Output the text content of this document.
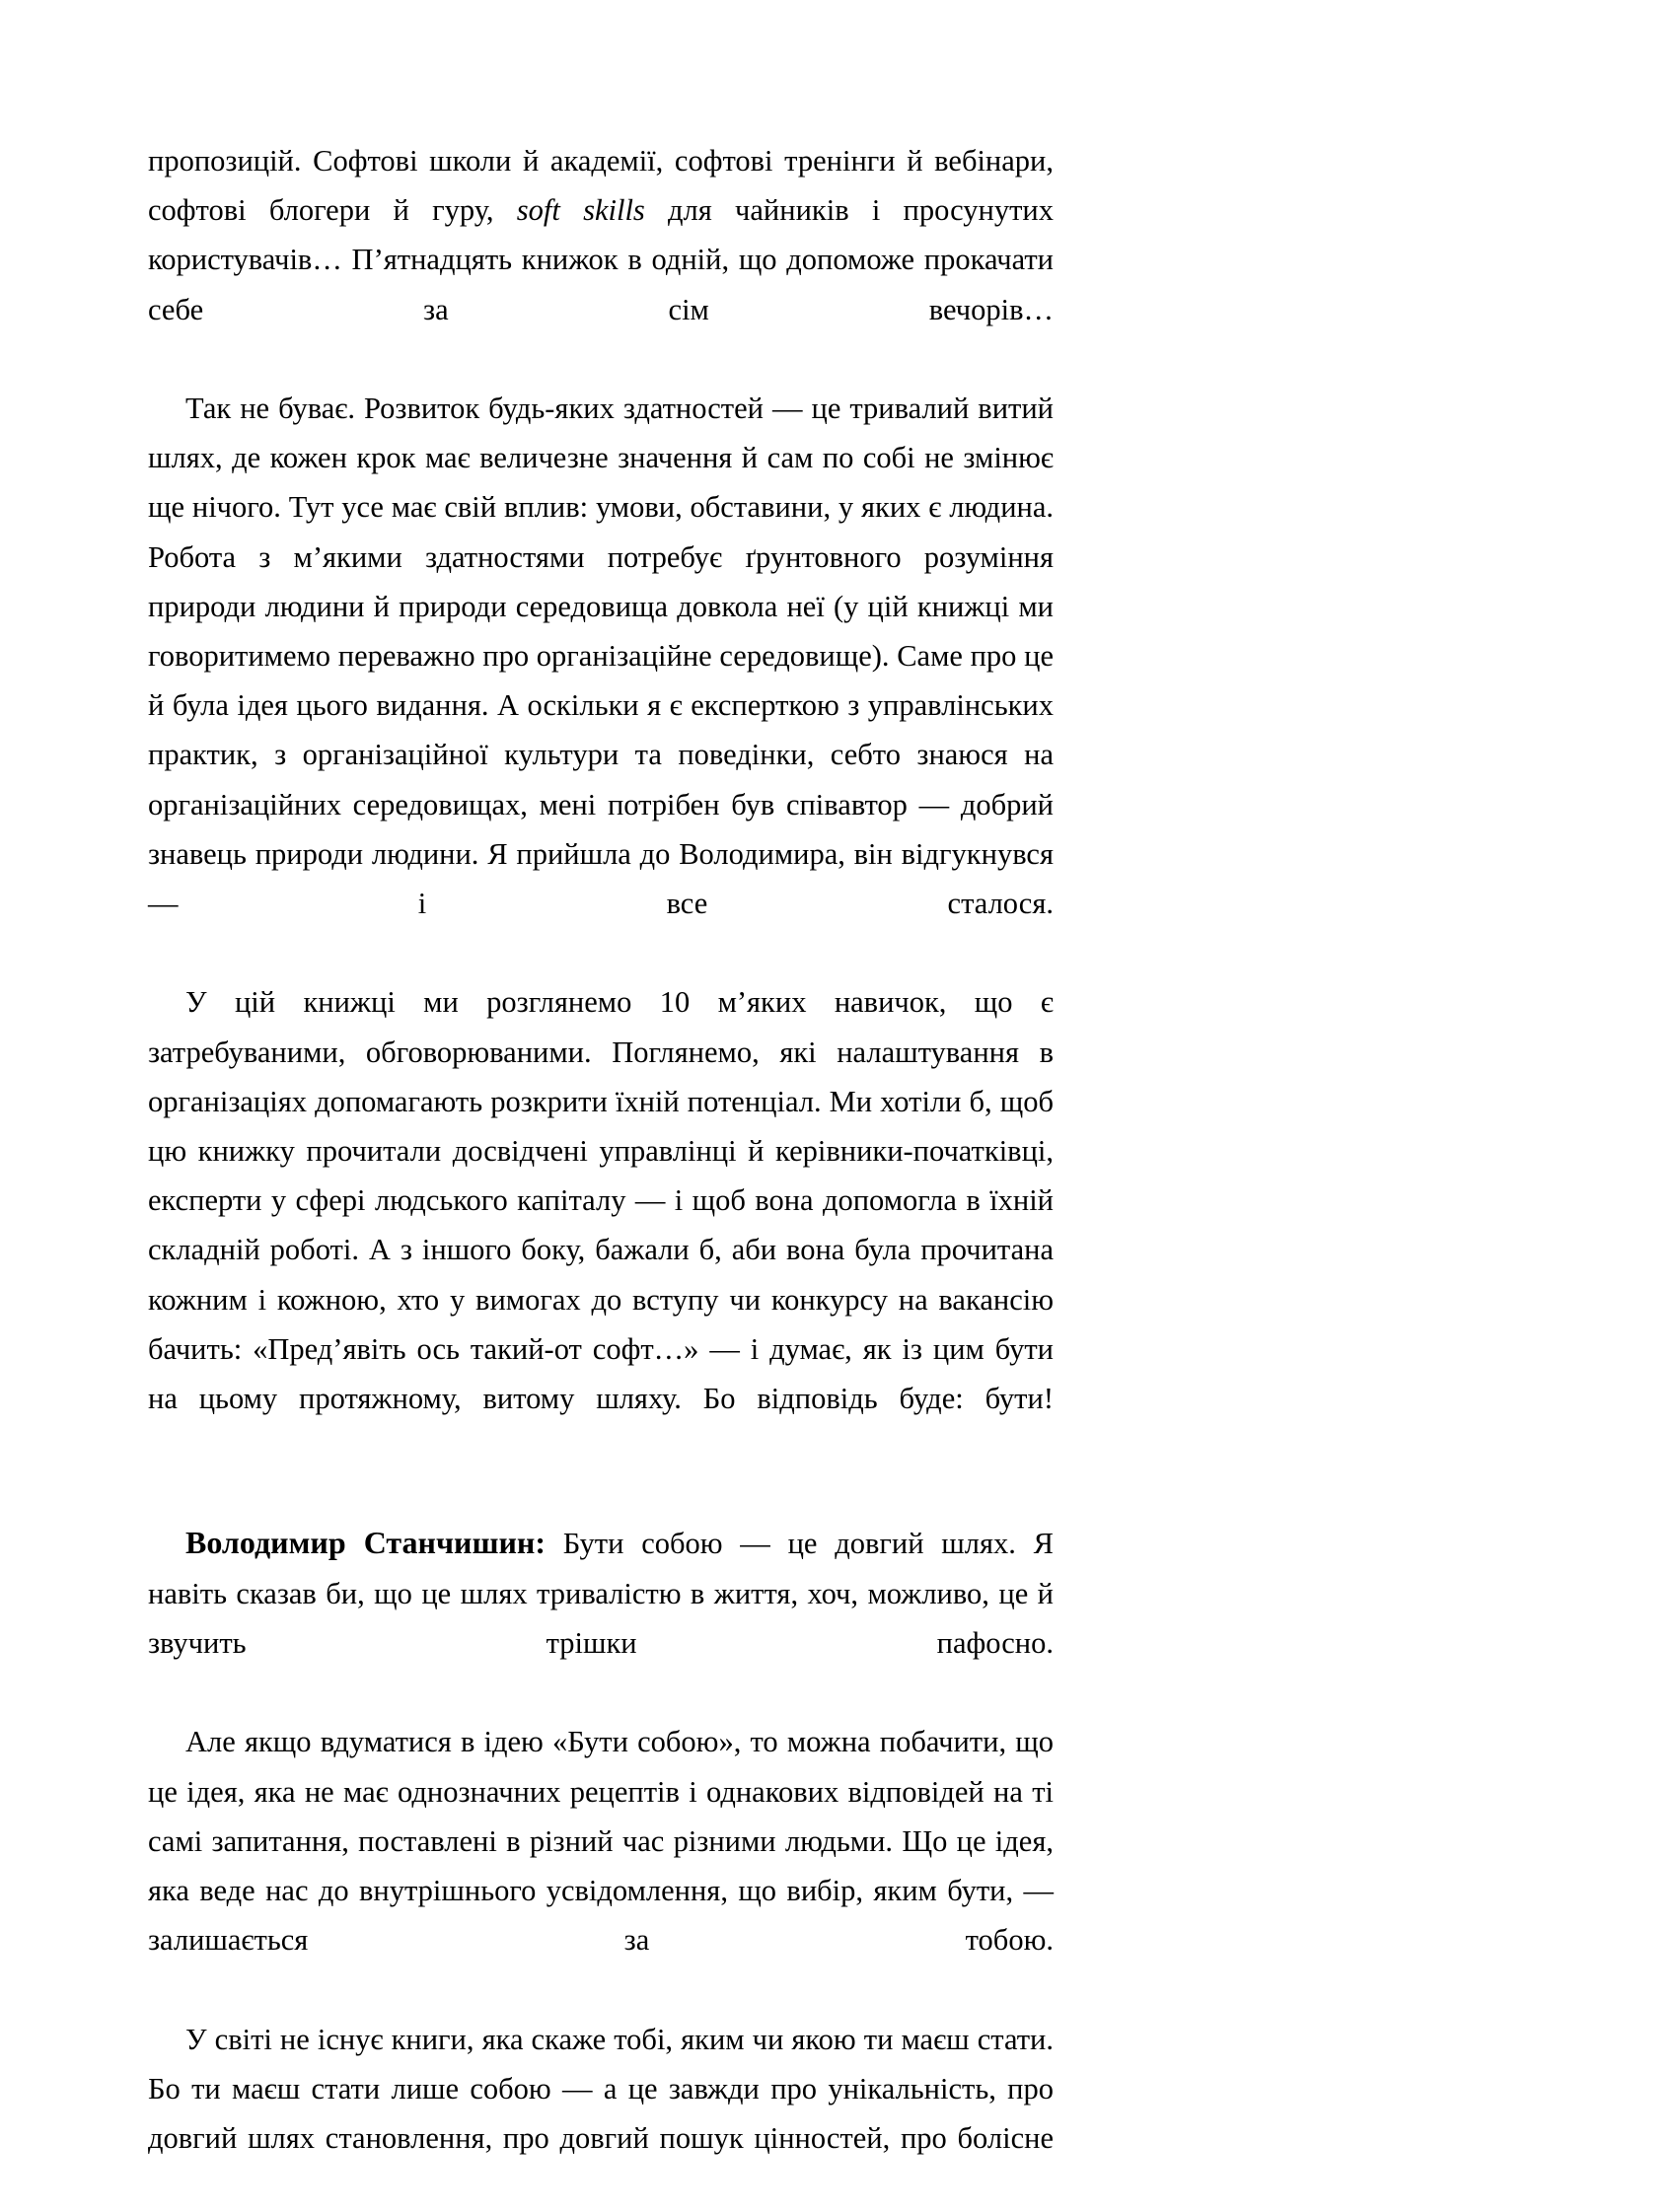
пропозицій. Софтові школи й академії, софтові тренінги й вебінари, софтові блогери й гуру, soft skills для чайників і просунутих користувачів… П’ятнадцять книжок в одній, що допоможе прокачати себе за сім вечорів…

Так не буває. Розвиток будь-яких здатностей — це тривалий витий шлях, де кожен крок має величезне значення й сам по собі не змінює ще нічого. Тут усе має свій вплив: умови, обставини, у яких є людина. Робота з м’якими здатностями потребує ґрунтовного розуміння природи людини й природи середовища довкола неї (у цій книжці ми говоритимемо переважно про організаційне середовище). Саме про це й була ідея цього видання. А оскільки я є експерткою з управлінських практик, з організаційної культури та поведінки, себто знаюся на організаційних середовищах, мені потрібен був співавтор — добрий знавець природи людини. Я прийшла до Володимира, він відгукнувся — і все сталося.

У цій книжці ми розглянемо 10 м’яких навичок, що є затребуваними, обговорюваними. Поглянемо, які налаштування в організаціях допомагають розкрити їхній потенціал. Ми хотіли б, щоб цю книжку прочитали досвідчені управлінці й керівники-початківці, експерти у сфері людського капіталу — і щоб вона допомогла в їхній складній роботі. А з іншого боку, бажали б, аби вона була прочитана кожним і кожною, хто у вимогах до вступу чи конкурсу на вакансію бачить: «Пред’явіть ось такий-от софт…» — і думає, як із цим бути на цьому протяжному, витому шляху. Бо відповідь буде: бути!

Володимир Станчишин: Бути собою — це довгий шлях. Я навіть сказав би, що це шлях тривалістю в життя, хоч, можливо, це й звучить трішки пафосно.

Але якщо вдуматися в ідею «Бути собою», то можна побачити, що це ідея, яка не має однозначних рецептів і однакових відповідей на ті самі запитання, поставлені в різний час різними людьми. Що це ідея, яка веде нас до внутрішнього усвідомлення, що вибір, яким бути, — залишається за тобою.

У світі не існує книги, яка скаже тобі, яким чи якою ти маєш стати. Бо ти маєш стати лише собою — а це завжди про унікальність, про довгий шлях становлення, про довгий пошук цінностей, про болісне
